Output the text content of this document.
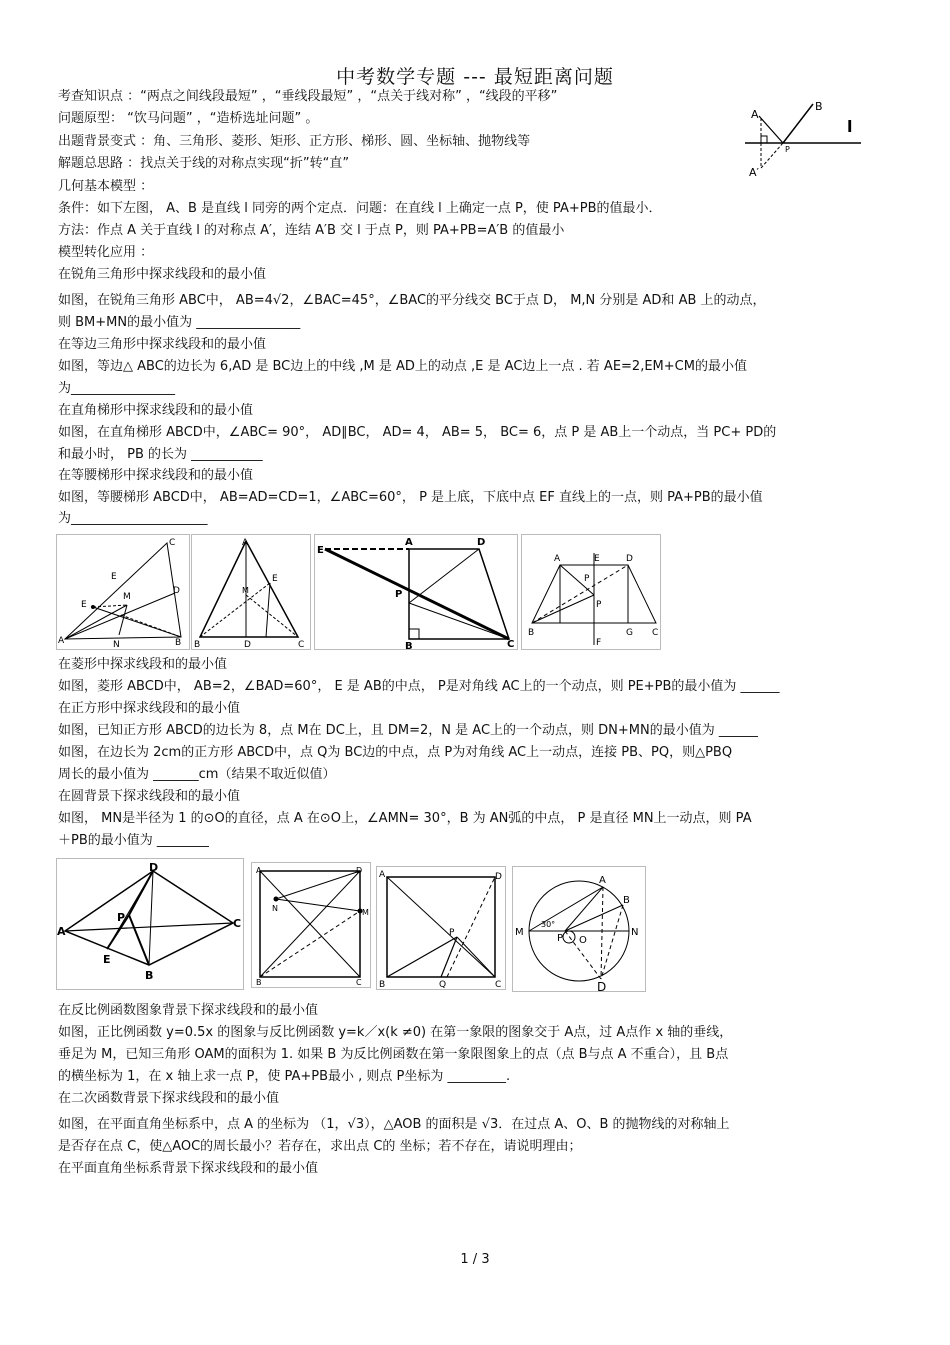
中考数学专题 --- 最短距离问题
A
B
l
P
A′
考查知识点 ：“两点之间线段最短” ，“垂线段最短” ，“点关于线对称” ，“线段的平移”
问题原型： “饮马问题” ，“造桥选址问题” 。
出题背景变式 ：角、三角形、菱形、矩形、正方形、梯形、圆、坐标轴、抛物线等
解题总思路 ：找点关于线的对称点实现“折”转“直”
几何基本模型 ：
条件：如下左图， A、B 是直线 l 同旁的两个定点．问题：在直线 l 上确定一点 P，使 PA+PB的值最小．
方法：作点 A 关于直线 l 的对称点 A′，连结 A′B 交 l 于点 P，则 PA+PB=A′B 的值最小
模型转化应用 ：
在锐角三角形中探求线段和的最小值
如图，在锐角三角形 ABC中， AB=4√2，∠BAC=45°，∠BAC的平分线交 BC于点 D， M,N 分别是 AD和 AB 上的动点，
则 BM+MN的最小值为 ________________
在等边三角形中探求线段和的最小值
如图，等边△ ABC的边长为 6,AD 是 BC边上的中线 ,M 是 AD上的动点 ,E 是 AC边上一点 . 若 AE=2,EM+CM的最小值
为________________
在直角梯形中探求线段和的最小值
如图，在直角梯形 ABCD中，∠ABC= 90°， AD∥BC， AD= 4， AB= 5， BC= 6，点 P 是 AB上一个动点，当 PC+ PD的
和最小时， PB 的长为 ___________
在等腰梯形中探求线段和的最小值
如图，等腰梯形 ABCD中， AB=AD=CD=1，∠ABC=60°， P 是上底，下底中点 EF 直线上的一点，则 PA+PB的最小值
为_____________________
C
E
D
M
A	N	B
E
A
M
E
B	D	C
E
A	D
P
B	C
A	E	D
P
P
B
F
G C
在菱形中探求线段和的最小值
如图，菱形 ABCD中， AB=2，∠BAD=60°， E 是 AB的中点， P是对角线 AC上的一个动点，则 PE+PB的最小值为 ______
在正方形中探求线段和的最小值
如图，已知正方形 ABCD的边长为 8，点 M在 DC上，且 DM=2，N 是 AC上的一个动点，则 DN+MN的最小值为 ______
如图，在边长为 2cm的正方形 ABCD中，点 Q为 BC边的中点，点 P为对角线 AC上一动点，连接 PB、PQ，则△PBQ
周长的最小值为 _______cm（结果不取近似值）
在圆背景下探求线段和的最小值
如图， MN是半径为 1 的⊙O的直径，点 A 在⊙O上，∠AMN= 30°，B 为 AN弧的中点， P 是直径 MN上一动点，则 PA
＋PB的最小值为 ________
D
A
P	C
E
B
A	D
N	M
B	C
A	D
P
B	Q	C
A
B
M
30°
P O
N
D
在反比例函数图象背景下探求线段和的最小值
如图，正比例函数 y=0.5x 的图象与反比例函数 y=k／x(k ≠0) 在第一象限的图象交于 A点，过 A点作 x 轴的垂线，
垂足为 M，已知三角形 OAM的面积为 1. 如果 B 为反比例函数在第一象限图象上的点（点 B与点 A 不重合），且 B点
的横坐标为 1，在 x 轴上求一点 P，使 PA+PB最小 , 则点 P坐标为 _________.
在二次函数背景下探求线段和的最小值
如图，在平面直角坐标系中，点 A 的坐标为 （1，√3），△AOB 的面积是 √3．在过点 A、O、B 的抛物线的对称轴上
是否存在点 C，使△AOC的周长最小？若存在，求出点 C的 坐标；若不存在，请说明理由；
在平面直角坐标系背景下探求线段和的最小值
1 / 3
